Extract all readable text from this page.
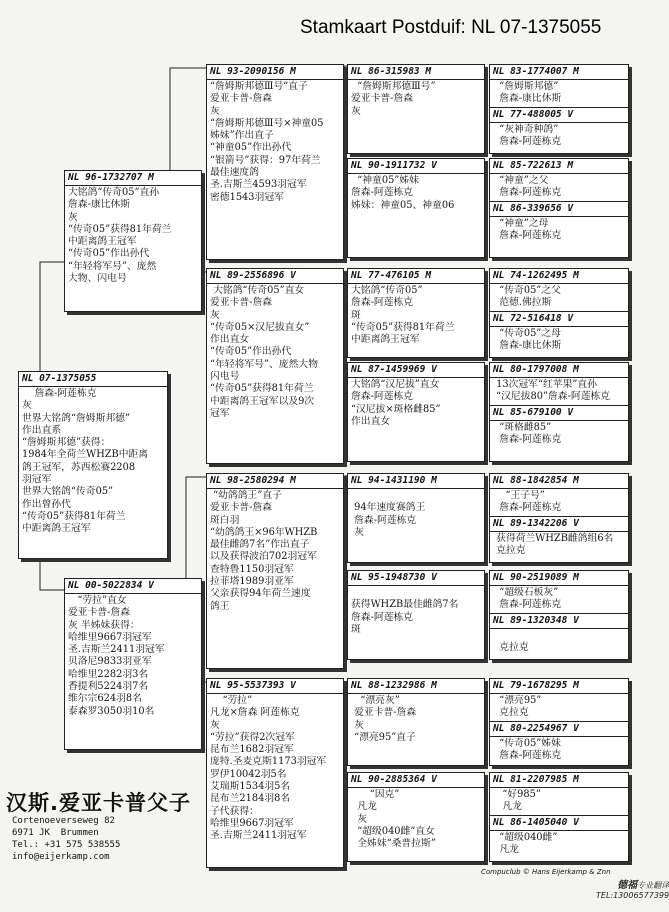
Stamkaart Postduif: NL 07-1375055
NL 07-1375055
詹森-阿莲栋克
灰
世界大铭鸽“詹姆斯邦德”
作出直系
“詹姆斯邦德”获得：
1984年全荷兰WHZB中距离
鸽王冠军，苏西松赛2208
羽冠军
世界大铭鸽“传奇05”
作出曾孙代
“传奇05”获得81年荷兰
中距离鸽王冠军
NL 96-1732707 M
大铭鸽“传奇05”直孙
詹森-康比休斯
灰
“传奇05”获得81年荷兰
中距离鸽王冠军
“传奇05”作出孙代
“年轻将军号”、庞然
大物、闪电号
NL 00-5022834 V
“劳拉”直女
爱亚卡普-詹森
灰 半姊妹获得：
哈维里9667羽冠军
圣.吉斯兰2411羽冠军
贝洛尼9833羽亚军
哈维里2282羽3名
香提利5224羽7名
维尔宗624羽8名
泰森罗3050羽10名
NL 93-2090156 M
“詹姆斯邦德Ⅲ号”直子
爱亚卡普-詹森
灰
“詹姆斯邦德Ⅲ号×神童05
姊妹”作出直子
“神童05”作出孙代
“银箭号”获得：97年荷兰
最佳速度鸽
圣.吉斯兰4593羽冠军
密德1543羽冠军
NL 89-2556896 V
大铭鸽“传奇05”直女
爱亚卡普-詹森
灰
“传奇05×汉尼拔直女”
作出直女
“传奇05”作出孙代
“年轻将军号”、庞然大物
闪电号
“传奇05”获得81年荷兰
中距离鸽王冠军以及9次
冠军
NL 98-2580294 M
“幼鸽鸽王”直子
爱亚卡普-詹森
斑白羽
“幼鸽鸽王×96年WHZB
最佳雌鸽7名”作出直子
以及获得波泊702羽冠军
查特鲁1150羽冠军
拉菲塔1989羽亚军
父亲获得94年荷兰速度
鸽王
NL 95-5537393 V
“劳拉”
凡龙×詹森 阿莲栋克
灰
“劳拉”获得2次冠军
昆布兰1682羽冠军
庞特.圣麦克斯1173羽冠军
罗伊10042羽5名
艾瑞斯1534羽5名
昆布兰2184羽8名
子代获得：
哈维里9667羽冠军
圣.吉斯兰2411羽冠军
NL 86-315983 M
“詹姆斯邦德Ⅲ号”
爱亚卡普-詹森
灰
NL 90-1911732 V
“神童05”姊妹
詹森-阿莲栋克
姊妹：神童05、神童06
NL 77-476105 M
大铭鸽“传奇05”
詹森-阿莲栋克
斑
“传奇05”获得81年荷兰
中距离鸽王冠军
NL 87-1459969 V
大铭鸽“汉尼拔”直女
詹森-阿莲栋克
“汉尼拔×斑格雌85”
作出直女
NL 94-1431190 M

94年速度赛鸽王
詹森-阿莲栋克
灰
NL 95-1948730 V

获得WHZB最佳雌鸽7名
詹森-阿莲栋克
斑
NL 88-1232986 M
“漂亮灰”
爱亚卡普-詹森
灰
“漂亮95”直子
NL 90-2885364 V
“因克”
凡龙
灰
“超级040雌”直女
全姊妹“桑普拉斯”
NL 83-1774007 M
“詹姆斯邦德”
詹森-康比休斯
NL 77-488005 V
“灰神奇种鸽”
詹森-阿莲栋克
NL 85-722613 M
“神童”之父
詹森-阿莲栋克
NL 86-339656 V
“神童”之母
詹森-阿莲栋克
NL 74-1262495 M
“传奇05”之父
范德.佛拉斯
NL 72-516418 V
“传奇05”之母
詹森-康比休斯
NL 80-1797008 M
13次冠军“红苹果”直孙
“汉尼拔80”詹森-阿莲栋克
NL 85-679100 V
“斑格雌85”
詹森-阿莲栋克
NL 88-1842854 M
“王子号”
詹森-阿莲栋克
NL 89-1342206 V
获得荷兰WHZB雌鸽组6名
克拉克
NL 90-2519089 M
“超级石板灰”
詹森-阿莲栋克
NL 89-1320348 V

克拉克
NL 79-1678295 M
“漂亮95”
克拉克
NL 80-2254967 V
“传奇05”姊妹
詹森-阿莲栋克
NL 81-2207985 M
“好985”
凡龙
NL 86-1405040 V
“超级040雌”
凡龙
汉斯.爱亚卡普父子
Cortenoeverseweg 82
6971 JK  Brummen
Tel.: +31 575 538555
info@eijerkamp.com
Compuclub © Hans Eijerkamp & Znn
德福专业翻译
TEL:13006577399
